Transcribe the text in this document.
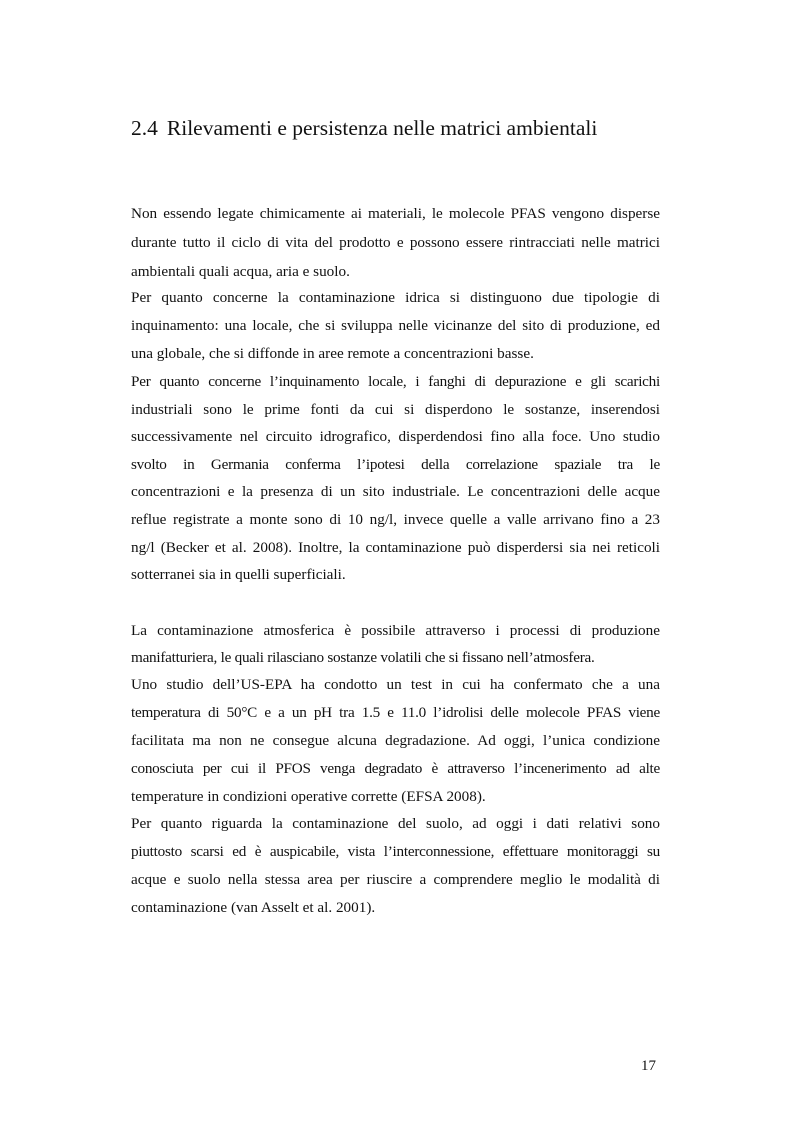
2.4 Rilevamenti e persistenza nelle matrici ambientali
Non essendo legate chimicamente ai materiali, le molecole PFAS vengono disperse
durante tutto il ciclo di vita del prodotto e possono essere rintracciati nelle matrici
ambientali quali acqua, aria e suolo.
Per quanto concerne la contaminazione idrica si distinguono due tipologie di
inquinamento: una locale, che si sviluppa nelle vicinanze del sito di produzione, ed
una globale, che si diffonde in aree remote a concentrazioni basse.
Per quanto concerne l’inquinamento locale, i fanghi di depurazione e gli scarichi
industriali sono le prime fonti da cui si disperdono le sostanze, inserendosi
successivamente nel circuito idrografico, disperdendosi fino alla foce. Uno studio
svolto in Germania conferma l’ipotesi della correlazione spaziale tra le
concentrazioni e la presenza di un sito industriale. Le concentrazioni delle acque
reflue registrate a monte sono di 10 ng/l, invece quelle a valle arrivano fino a 23
ng/l (Becker et al. 2008). Inoltre, la contaminazione può disperdersi sia nei reticoli
sotterranei sia in quelli superficiali.
La contaminazione atmosferica è possibile attraverso i processi di produzione
manifatturiera, le quali rilasciano sostanze volatili che si fissano nell’atmosfera.
Uno studio dell’US-EPA ha condotto un test in cui ha confermato che a una
temperatura di 50°C e a un pH tra 1.5 e 11.0 l’idrolisi delle molecole PFAS viene
facilitata ma non ne consegue alcuna degradazione. Ad oggi, l’unica condizione
conosciuta per cui il PFOS venga degradato è attraverso l’incenerimento ad alte
temperature in condizioni operative corrette (EFSA 2008).
Per quanto riguarda la contaminazione del suolo, ad oggi i dati relativi sono
piuttosto scarsi ed è auspicabile, vista l’interconnessione, effettuare monitoraggi su
acque e suolo nella stessa area per riuscire a comprendere meglio le modalità di
contaminazione (van Asselt et al. 2001).
17
